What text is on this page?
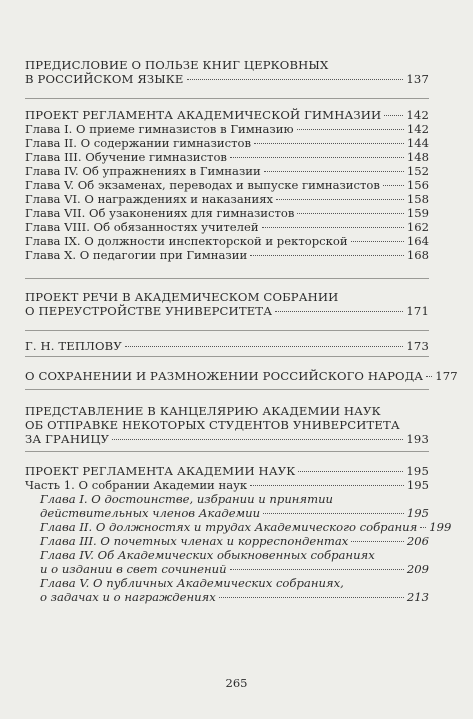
ПРЕДИСЛОВИЕ О ПОЛЬЗЕ КНИГ ЦЕРКОВНЫХ
В РОССИЙСКОМ ЯЗЫКЕ	137
ПРОЕКТ РЕГЛАМЕНТА АКАДЕМИЧЕСКОЙ ГИМНАЗИИ 142
Глава I. О приеме гимназистов в Гимназию	142
Глава II. О содержании гимназистов	144
Глава III. Обучение гимназистов	148
Глава IV. Об упражнениях в Гимназии	152
Глава V. Об экзаменах, переводах и выпуске гимназистов 156
Глава VI. О награждениях и наказаниях	158
Глава VII. Об узаконениях для гимназистов	159
Глава VIII. Об обязанностях учителей	162
Глава IX. О должности инспекторской и ректорской	164
Глава X. О педагогии при Гимназии	168
ПРОЕКТ РЕЧИ В АКАДЕМИЧЕСКОМ СОБРАНИИ
О ПЕРЕУСТРОЙСТВЕ УНИВЕРСИТЕТА	171
Г. Н. ТЕПЛОВУ	173
О СОХРАНЕНИИ И РАЗМНОЖЕНИИ РОССИЙСКОГО НАРОДА 177
ПРЕДСТАВЛЕНИЕ В КАНЦЕЛЯРИЮ АКАДЕМИИ НАУК
ОБ ОТПРАВКЕ НЕКОТОРЫХ СТУДЕНТОВ УНИВЕРСИТЕТА
ЗА ГРАНИЦУ	193
ПРОЕКТ РЕГЛАМЕНТА АКАДЕМИИ НАУК	195
Часть 1. О собрании Академии наук	195
Глава I. О достоинстве, избрании и принятии
действительных членов Академии	195
Глава II. О должностях и трудах Академического собрания 199
Глава III. О почетных членах и корреспондентах	206
Глава IV. Об Академических обыкновенных собраниях
и о издании в свет сочинений	209
Глава V. О публичных Академических собраниях,
о задачах и о награждениях	213
265
